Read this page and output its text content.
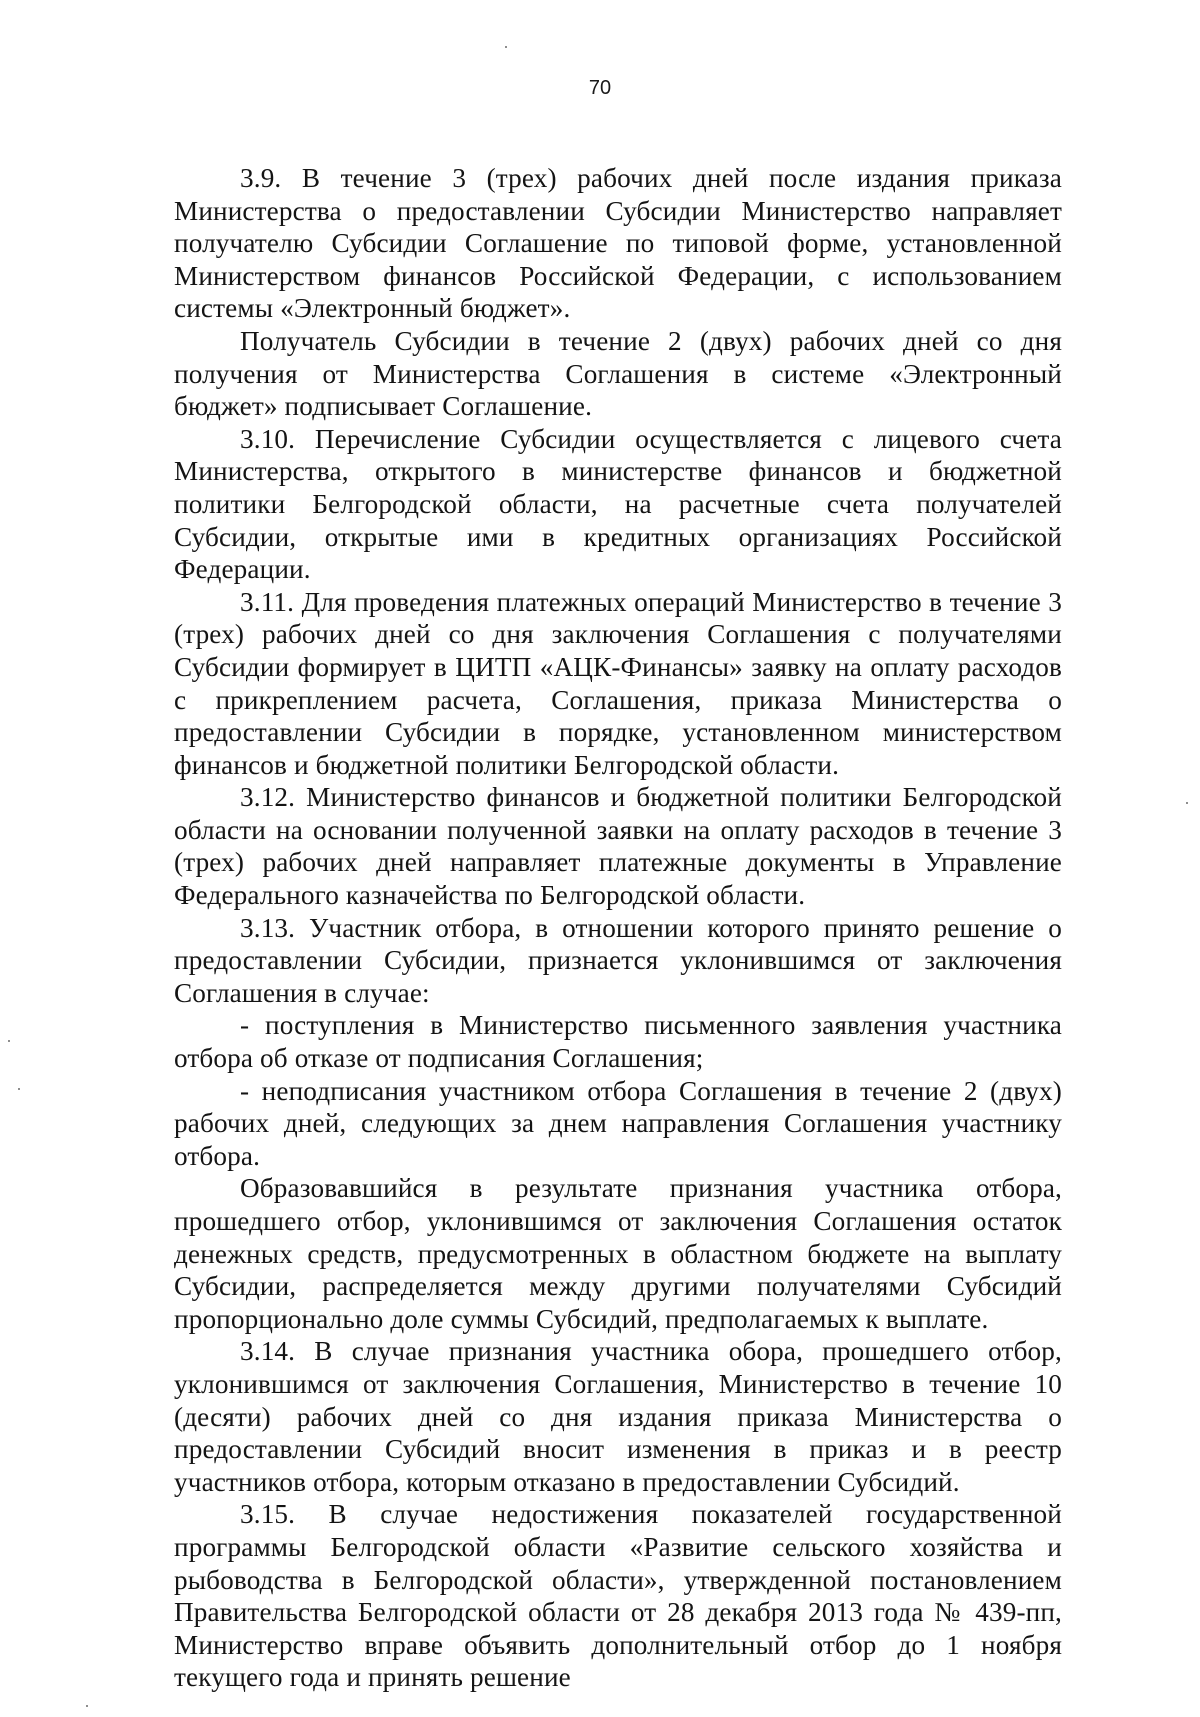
70

3.9. В течение 3 (трех) рабочих дней после издания приказа Министерства о предоставлении Субсидии Министерство направляет получателю Субсидии Соглашение по типовой форме, установленной Министерством финансов Российской Федерации, с использованием системы «Электронный бюджет».

Получатель Субсидии в течение 2 (двух) рабочих дней со дня получения от Министерства Соглашения в системе «Электронный бюджет» подписывает Соглашение.

3.10. Перечисление Субсидии осуществляется с лицевого счета Министерства, открытого в министерстве финансов и бюджетной политики Белгородской области, на расчетные счета получателей Субсидии, открытые ими в кредитных организациях Российской Федерации.

3.11. Для проведения платежных операций Министерство в течение 3 (трех) рабочих дней со дня заключения Соглашения с получателями Субсидии формирует в ЦИТП «АЦК-Финансы» заявку на оплату расходов с прикреплением расчета, Соглашения, приказа Министерства о предоставлении Субсидии в порядке, установленном министерством финансов и бюджетной политики Белгородской области.

3.12. Министерство финансов и бюджетной политики Белгородской области на основании полученной заявки на оплату расходов в течение 3 (трех) рабочих дней направляет платежные документы в Управление Федерального казначейства по Белгородской области.

3.13. Участник отбора, в отношении которого принято решение о предоставлении Субсидии, признается уклонившимся от заключения Соглашения в случае:

- поступления в Министерство письменного заявления участника отбора об отказе от подписания Соглашения;

- неподписания участником отбора Соглашения в течение 2 (двух) рабочих дней, следующих за днем направления Соглашения участнику отбора.

Образовавшийся в результате признания участника отбора, прошедшего отбор, уклонившимся от заключения Соглашения остаток денежных средств, предусмотренных в областном бюджете на выплату Субсидии, распределяется между другими получателями Субсидий пропорционально доле суммы Субсидий, предполагаемых к выплате.

3.14. В случае признания участника обора, прошедшего отбор, уклонившимся от заключения Соглашения, Министерство в течение 10 (десяти) рабочих дней со дня издания приказа Министерства о предоставлении Субсидий вносит изменения в приказ и в реестр участников отбора, которым отказано в предоставлении Субсидий.

3.15. В случае недостижения показателей государственной программы Белгородской области «Развитие сельского хозяйства и рыбоводства в Белгородской области», утвержденной постановлением Правительства Белгородской области от 28 декабря 2013 года № 439-пп, Министерство вправе объявить дополнительный отбор до 1 ноября текущего года и принять решение
